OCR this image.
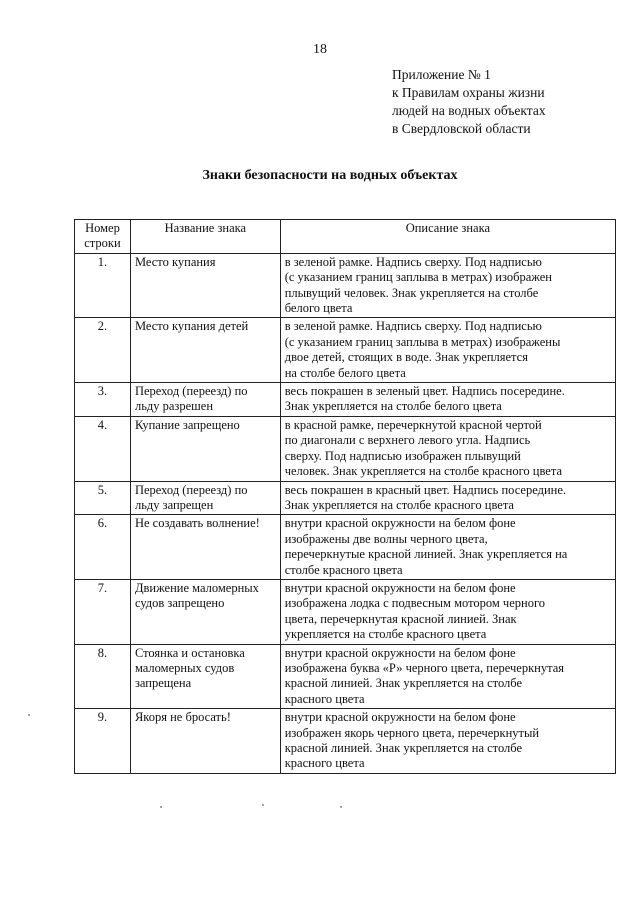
18
Приложение № 1
к Правилам охраны жизни
людей на водных объектах
в Свердловской области
Знаки безопасности на водных объектах
Номер
строки	Название знака	Описание знака
1.	Место купания	в зеленой рамке. Надпись сверху. Под надписью
(с указанием границ заплыва в метрах) изображен
плывущий человек. Знак укрепляется на столбе
белого цвета
2.	Место купания детей	в зеленой рамке. Надпись сверху. Под надписью
(с указанием границ заплыва в метрах) изображены
двое детей, стоящих в воде. Знак укрепляется
на столбе белого цвета
3.	Переход (переезд) по
льду разрешен	весь покрашен в зеленый цвет. Надпись посередине.
Знак укрепляется на столбе белого цвета
4.	Купание запрещено	в красной рамке, перечеркнутой красной чертой
по диагонали с верхнего левого угла. Надпись
сверху. Под надписью изображен плывущий
человек. Знак укрепляется на столбе красного цвета
5.	Переход (переезд) по
льду запрещен	весь покрашен в красный цвет. Надпись посередине.
Знак укрепляется на столбе красного цвета
6.	Не создавать волнение!	внутри красной окружности на белом фоне
изображены две волны черного цвета,
перечеркнутые красной линией. Знак укрепляется на
столбе красного цвета
7.	Движение маломерных
судов запрещено	внутри красной окружности на белом фоне
изображена лодка с подвесным мотором черного
цвета, перечеркнутая красной линией. Знак
укрепляется на столбе красного цвета
8.	Стоянка и остановка
маломерных судов
запрещена	внутри красной окружности на белом фоне
изображена буква «Р» черного цвета, перечеркнутая
красной линией. Знак укрепляется на столбе
красного цвета
9.	Якоря не бросать!	внутри красной окружности на белом фоне
изображен якорь черного цвета, перечеркнутый
красной линией. Знак укрепляется на столбе
красного цвета
